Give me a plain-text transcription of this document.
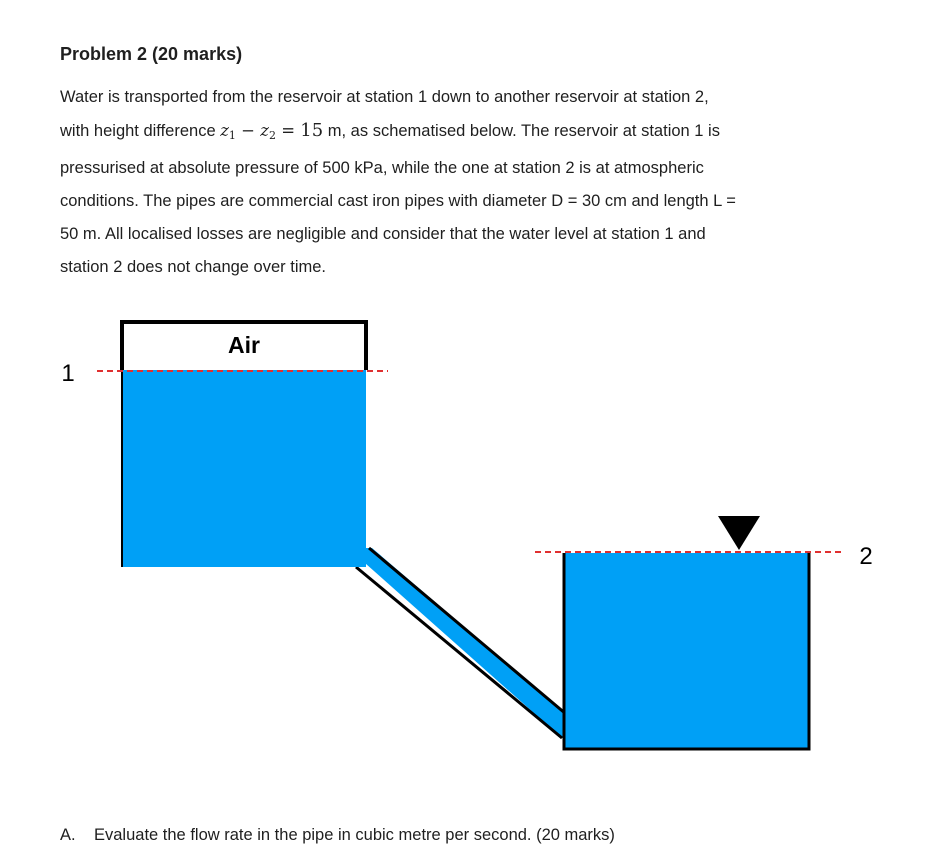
Problem 2 (20 marks)
Water is transported from the reservoir at station 1 down to another reservoir at station 2,
with height difference $z_1 - z_2 = 15$ m, as schematised below. The reservoir at station 1 is
pressurised at absolute pressure of 500 kPa, while the one at station 2 is at atmospheric
conditions. The pipes are commercial cast iron pipes with diameter D = 30 cm and length L =
50 m. All localised losses are negligible and consider that the water level at station 1 and
station 2 does not change over time.
Air
1
2
A. Evaluate the flow rate in the pipe in cubic metre per second. (20 marks)
